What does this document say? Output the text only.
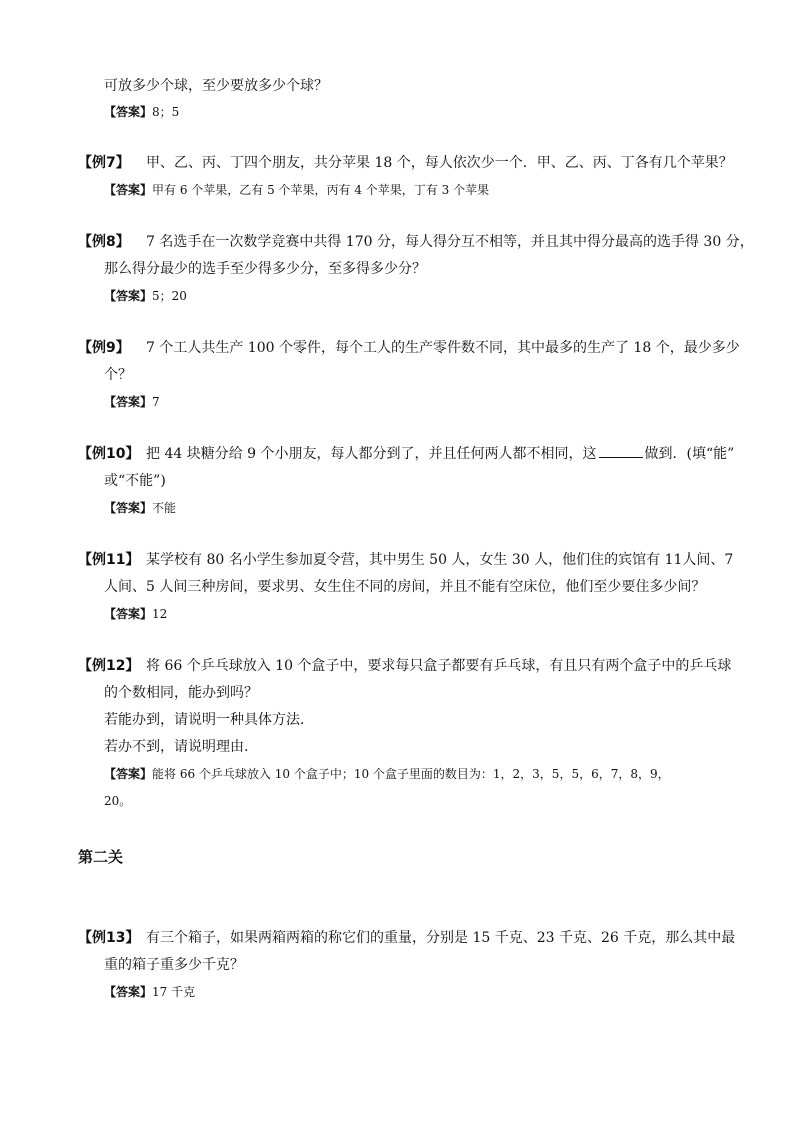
可放多少个球，至少要放多少个球？
【答案】8；5
【例7】 甲、乙、丙、丁四个朋友，共分苹果 18 个，每人依次少一个．甲、乙、丙、丁各有几个苹果？
【答案】甲有 6 个苹果，乙有 5 个苹果，丙有 4 个苹果，丁有 3 个苹果
【例8】 7 名选手在一次数学竞赛中共得 170 分，每人得分互不相等，并且其中得分最高的选手得 30 分，
那么得分最少的选手至少得多少分，至多得多少分？
【答案】5；20
【例9】 7 个工人共生产 100 个零件，每个工人的生产零件数不同，其中最多的生产了 18 个，最少多少
个？
【答案】7
【例10】 把 44 块糖分给 9 个小朋友，每人都分到了，并且任何两人都不相同，这	做到．(填“能”
或“不能”)
【答案】不能
【例11】 某学校有 80 名小学生参加夏令营，其中男生 50 人，女生 30 人，他们住的宾馆有 11人间、7
人间、5 人间三种房间，要求男、女生住不同的房间，并且不能有空床位，他们至少要住多少间？
【答案】12
【例12】 将 66 个乒乓球放入 10 个盒子中，要求每只盒子都要有乒乓球，有且只有两个盒子中的乒乓球
的个数相同，能办到吗？
若能办到，请说明一种具体方法．
若办不到，请说明理由.
【答案】能将 66 个乒乓球放入 10 个盒子中；10 个盒子里面的数目为：1，2，3，5，5，6，7，8，9，
20。
第二关
【例13】 有三个箱子，如果两箱两箱的称它们的重量，分别是 15 千克、23 千克、26 千克，那么其中最
重的箱子重多少千克？
【答案】17 千克
